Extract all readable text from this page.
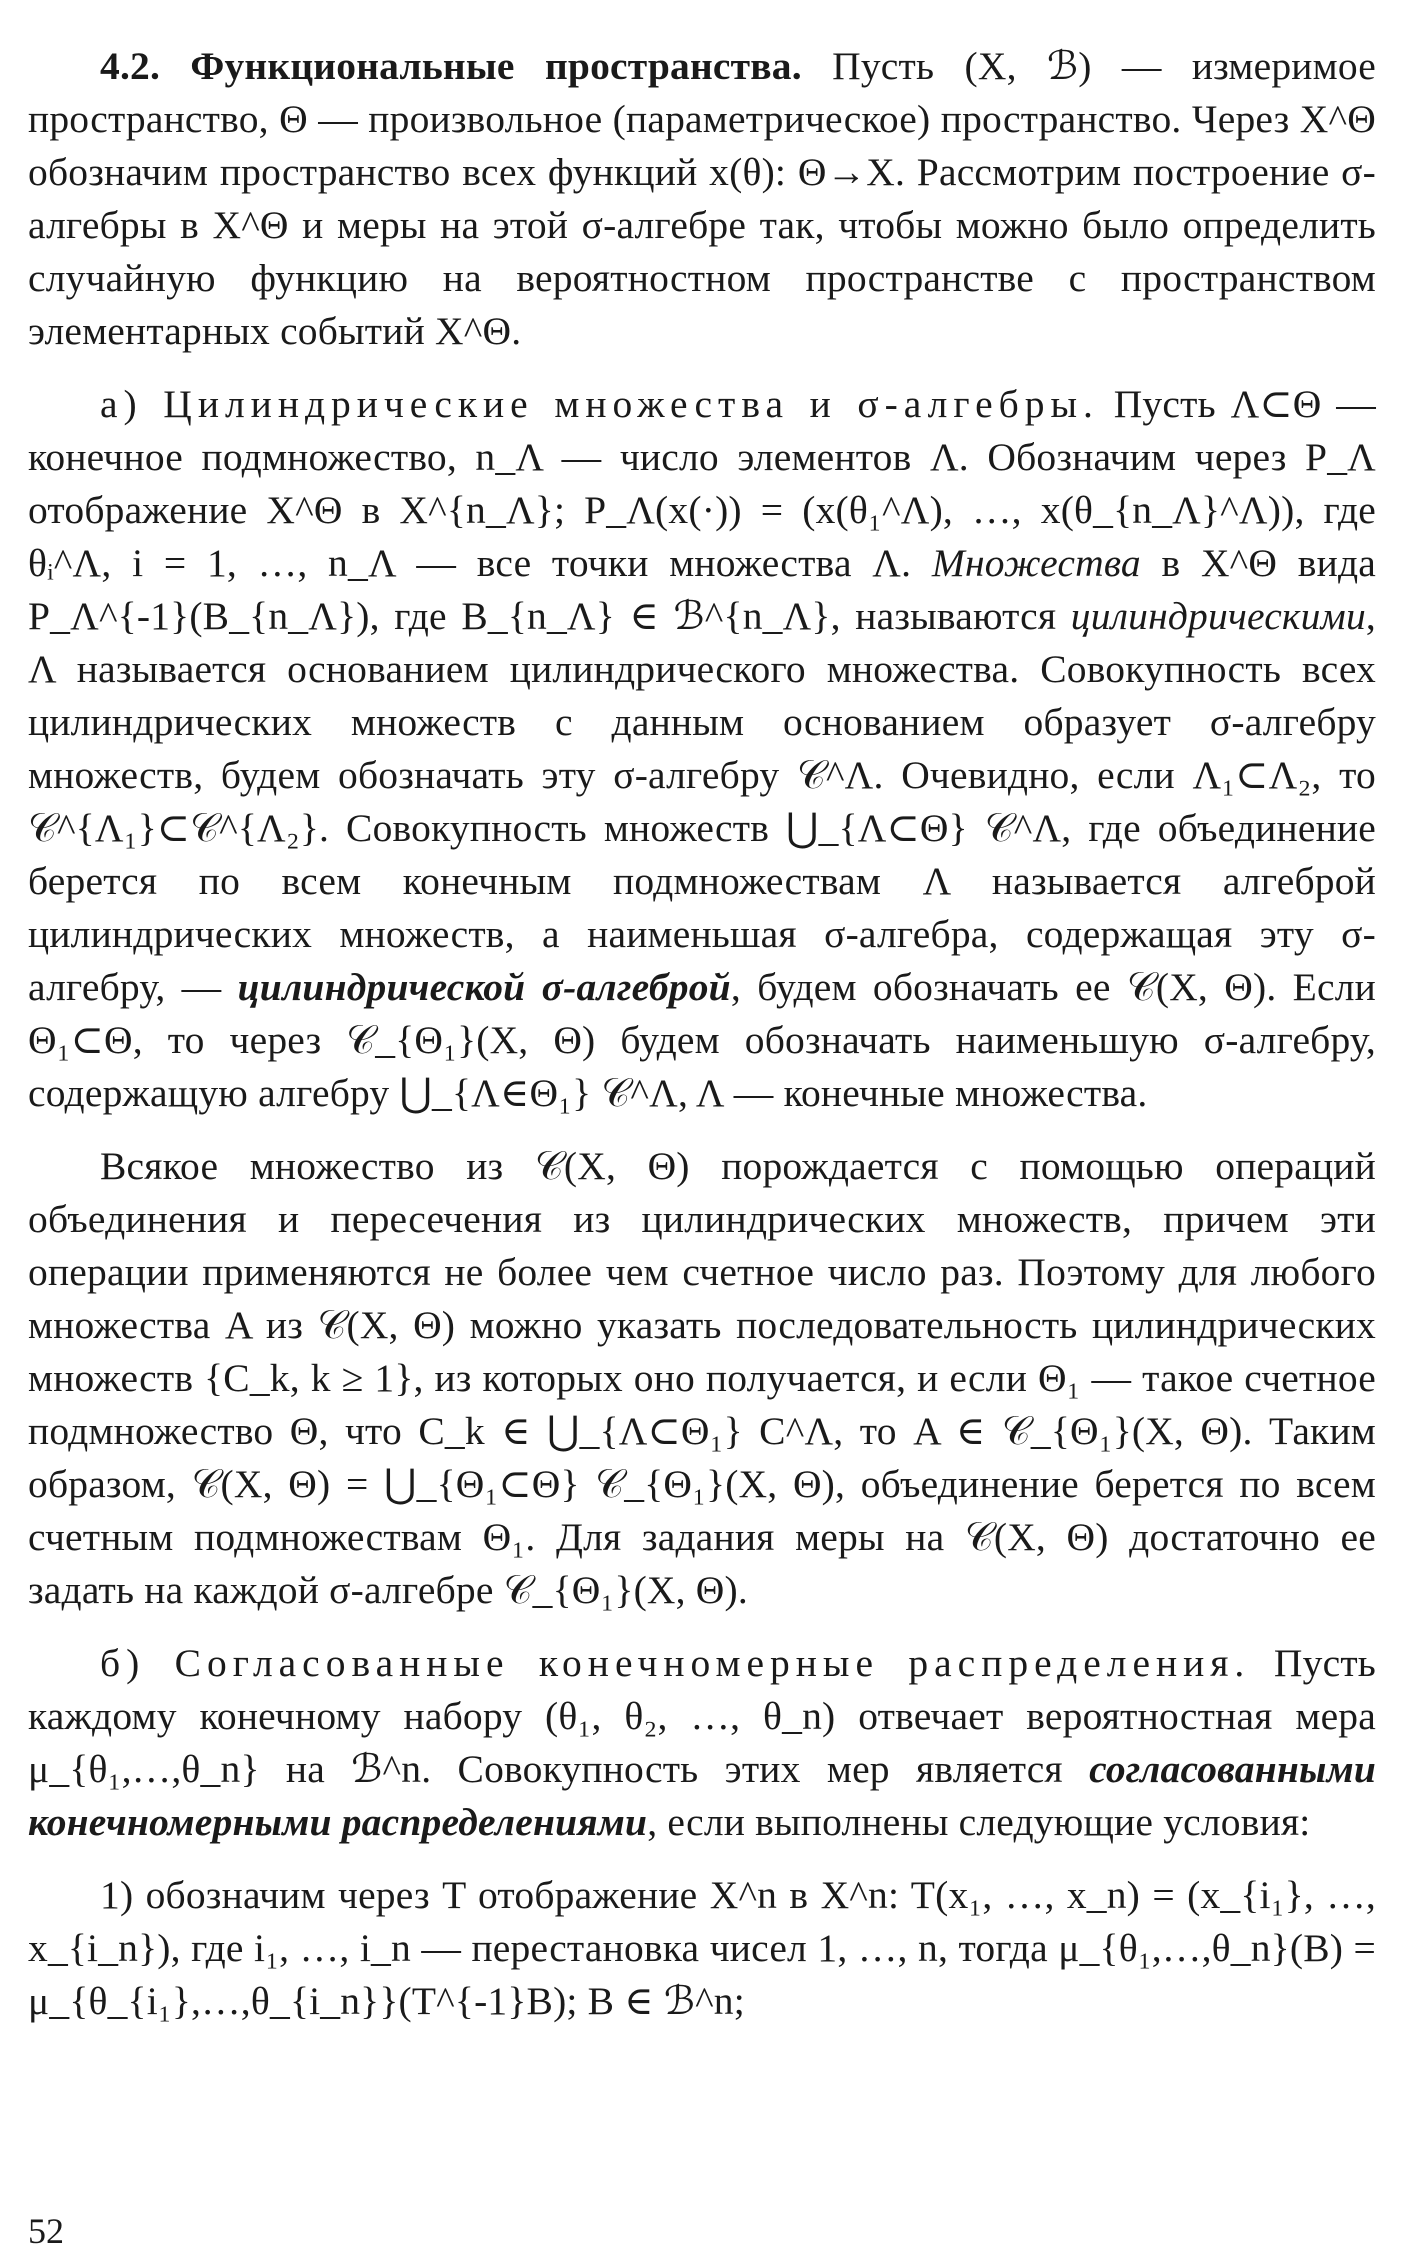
4.2. Функциональные пространства. Пусть (X, ℬ) — измеримое пространство, Θ — произвольное (параметрическое) пространство. Через X^Θ обозначим пространство всех функций x(θ): Θ→X. Рассмотрим построение σ-алгебры в X^Θ и меры на этой σ-алгебре так, чтобы можно было определить случайную функцию на вероятностном пространстве с пространством элементарных событий X^Θ.

а) Цилиндрические множества и σ-алгебры. Пусть Λ⊂Θ — конечное подмножество, n_Λ — число элементов Λ. Обозначим через P_Λ отображение X^Θ в X^{n_Λ}; P_Λ(x(·)) = (x(θ₁^Λ), …, x(θ_{n_Λ}^Λ)), где θᵢ^Λ, i = 1, …, n_Λ — все точки множества Λ. Множества в X^Θ вида P_Λ^{-1}(B_{n_Λ}), где B_{n_Λ} ∈ ℬ^{n_Λ}, называются цилиндрическими, Λ называется основанием цилиндрического множества. Совокупность всех цилиндрических множеств с данным основанием образует σ-алгебру множеств, будем обозначать эту σ-алгебру 𝒞^Λ. Очевидно, если Λ₁⊂Λ₂, то 𝒞^{Λ₁}⊂𝒞^{Λ₂}. Совокупность множеств ⋃_{Λ⊂Θ} 𝒞^Λ, где объединение берется по всем конечным подмножествам Λ называется алгеброй цилиндрических множеств, а наименьшая σ-алгебра, содержащая эту σ-алгебру, — цилиндрической σ-алгеброй, будем обозначать ее 𝒞(X, Θ). Если Θ₁⊂Θ, то через 𝒞_{Θ₁}(X, Θ) будем обозначать наименьшую σ-алгебру, содержащую алгебру ⋃_{Λ∈Θ₁} 𝒞^Λ, Λ — конечные множества.

Всякое множество из 𝒞(X, Θ) порождается с помощью операций объединения и пересечения из цилиндрических множеств, причем эти операции применяются не более чем счетное число раз. Поэтому для любого множества A из 𝒞(X, Θ) можно указать последовательность цилиндрических множеств {C_k, k ≥ 1}, из которых оно получается, и если Θ₁ — такое счетное подмножество Θ, что C_k ∈ ⋃_{Λ⊂Θ₁} C^Λ, то A ∈ 𝒞_{Θ₁}(X, Θ). Таким образом, 𝒞(X, Θ) = ⋃_{Θ₁⊂Θ} 𝒞_{Θ₁}(X, Θ), объединение берется по всем счетным подмножествам Θ₁. Для задания меры на 𝒞(X, Θ) достаточно ее задать на каждой σ-алгебре 𝒞_{Θ₁}(X, Θ).

б) Согласованные конечномерные распределения. Пусть каждому конечному набору (θ₁, θ₂, …, θ_n) отвечает вероятностная мера μ_{θ₁,…,θ_n} на ℬ^n. Совокупность этих мер является согласованными конечномерными распределениями, если выполнены следующие условия:

1) обозначим через T отображение X^n в X^n: T(x₁, …, x_n) = (x_{i₁}, …, x_{i_n}), где i₁, …, i_n — перестановка чисел 1, …, n, тогда μ_{θ₁,…,θ_n}(B) = μ_{θ_{i₁},…,θ_{i_n}}(T^{-1}B); B ∈ ℬ^n;

52
